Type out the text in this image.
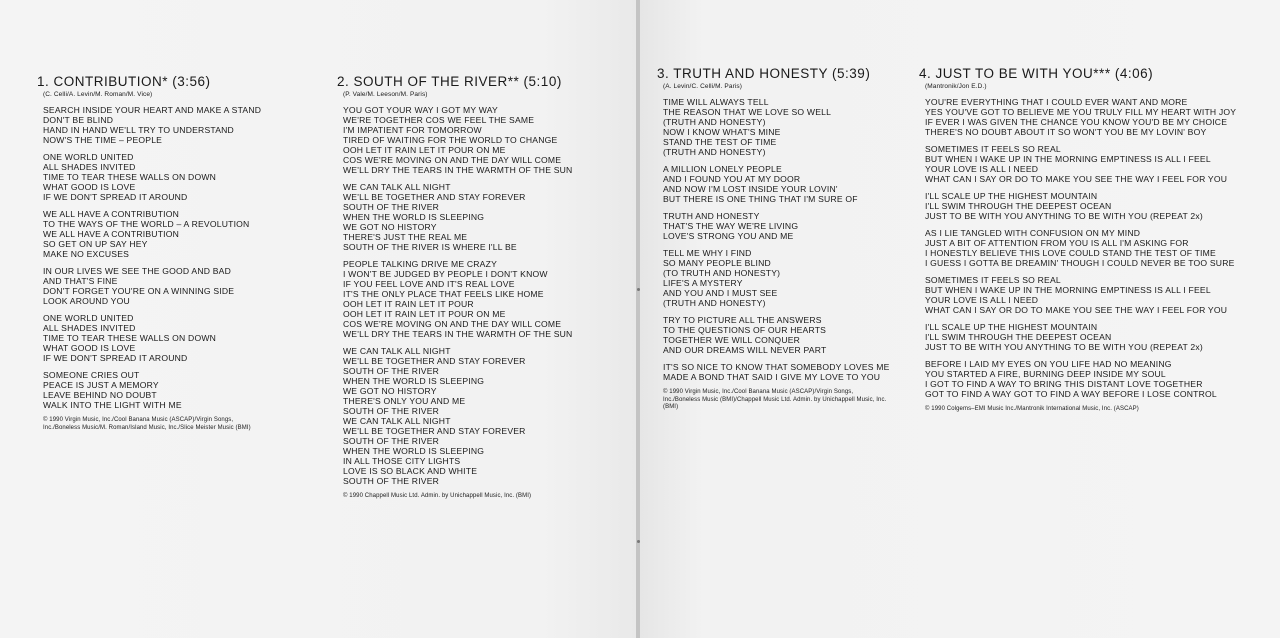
1. CONTRIBUTION* (3:56)
(C. Celli/A. Levin/M. Roman/M. Vice)
SEARCH INSIDE YOUR HEART AND MAKE A STAND
DON'T BE BLIND
HAND IN HAND WE'LL TRY TO UNDERSTAND
NOW'S THE TIME – PEOPLE
ONE WORLD UNITED
ALL SHADES INVITED
TIME TO TEAR THESE WALLS ON DOWN
WHAT GOOD IS LOVE
IF WE DON'T SPREAD IT AROUND
WE ALL HAVE A CONTRIBUTION
TO THE WAYS OF THE WORLD – A REVOLUTION
WE ALL HAVE A CONTRIBUTION
SO GET ON UP SAY HEY
MAKE NO EXCUSES
IN OUR LIVES WE SEE THE GOOD AND BAD
AND THAT'S FINE
DON'T FORGET YOU'RE ON A WINNING SIDE
LOOK AROUND YOU
ONE WORLD UNITED
ALL SHADES INVITED
TIME TO TEAR THESE WALLS ON DOWN
WHAT GOOD IS LOVE
IF WE DON'T SPREAD IT AROUND
SOMEONE CRIES OUT
PEACE IS JUST A MEMORY
LEAVE BEHIND NO DOUBT
WALK INTO THE LIGHT WITH ME
© 1990 Virgin Music, Inc./Cool Banana Music (ASCAP)/Virgin Songs,
Inc./Boneless Music/M. Roman/Island Music, Inc./Slice Meister Music (BMI)
2. SOUTH OF THE RIVER** (5:10)
(P. Vale/M. Leeson/M. Paris)
YOU GOT YOUR WAY I GOT MY WAY
WE'RE TOGETHER COS WE FEEL THE SAME
I'M IMPATIENT FOR TOMORROW
TIRED OF WAITING FOR THE WORLD TO CHANGE
OOH LET IT RAIN LET IT POUR ON ME
COS WE'RE MOVING ON AND THE DAY WILL COME
WE'LL DRY THE TEARS IN THE WARMTH OF THE SUN
WE CAN TALK ALL NIGHT
WE'LL BE TOGETHER AND STAY FOREVER
SOUTH OF THE RIVER
WHEN THE WORLD IS SLEEPING
WE GOT NO HISTORY
THERE'S JUST THE REAL ME
SOUTH OF THE RIVER IS WHERE I'LL BE
PEOPLE TALKING DRIVE ME CRAZY
I WON'T BE JUDGED BY PEOPLE I DON'T KNOW
IF YOU FEEL LOVE AND IT'S REAL LOVE
IT'S THE ONLY PLACE THAT FEELS LIKE HOME
OOH LET IT RAIN LET IT POUR
OOH LET IT RAIN LET IT POUR ON ME
COS WE'RE MOVING ON AND THE DAY WILL COME
WE'LL DRY THE TEARS IN THE WARMTH OF THE SUN
WE CAN TALK ALL NIGHT
WE'LL BE TOGETHER AND STAY FOREVER
SOUTH OF THE RIVER
WHEN THE WORLD IS SLEEPING
WE GOT NO HISTORY
THERE'S ONLY YOU AND ME
SOUTH OF THE RIVER
WE CAN TALK ALL NIGHT
WE'LL BE TOGETHER AND STAY FOREVER
SOUTH OF THE RIVER
WHEN THE WORLD IS SLEEPING
IN ALL THOSE CITY LIGHTS
LOVE IS SO BLACK AND WHITE
SOUTH OF THE RIVER
© 1990 Chappell Music Ltd. Admin. by Unichappell Music, Inc. (BMI)
3. TRUTH AND HONESTY (5:39)
(A. Levin/C. Celli/M. Paris)
TIME WILL ALWAYS TELL
THE REASON THAT WE LOVE SO WELL
(TRUTH AND HONESTY)
NOW I KNOW WHAT'S MINE
STAND THE TEST OF TIME
(TRUTH AND HONESTY)
A MILLION LONELY PEOPLE
AND I FOUND YOU AT MY DOOR
AND NOW I'M LOST INSIDE YOUR LOVIN'
BUT THERE IS ONE THING THAT I'M SURE OF
TRUTH AND HONESTY
THAT'S THE WAY WE'RE LIVING
LOVE'S STRONG YOU AND ME
TELL ME WHY I FIND
SO MANY PEOPLE BLIND
(TO TRUTH AND HONESTY)
LIFE'S A MYSTERY
AND YOU AND I MUST SEE
(TRUTH AND HONESTY)
TRY TO PICTURE ALL THE ANSWERS
TO THE QUESTIONS OF OUR HEARTS
TOGETHER WE WILL CONQUER
AND OUR DREAMS WILL NEVER PART
IT'S SO NICE TO KNOW THAT SOMEBODY LOVES ME
MADE A BOND THAT SAID I GIVE MY LOVE TO YOU
© 1990 Virgin Music, Inc./Cool Banana Music (ASCAP)/Virgin Songs,
Inc./Boneless Music (BMI)/Chappell Music Ltd. Admin. by Unichappell Music, Inc.
(BMI)
4. JUST TO BE WITH YOU*** (4:06)
(Mantronik/Jon E.D.)
YOU'RE EVERYTHING THAT I COULD EVER WANT AND MORE
YES YOU'VE GOT TO BELIEVE ME YOU TRULY FILL MY HEART WITH JOY
IF EVER I WAS GIVEN THE CHANCE YOU KNOW YOU'D BE MY CHOICE
THERE'S NO DOUBT ABOUT IT SO WON'T YOU BE MY LOVIN' BOY
SOMETIMES IT FEELS SO REAL
BUT WHEN I WAKE UP IN THE MORNING EMPTINESS IS ALL I FEEL
YOUR LOVE IS ALL I NEED
WHAT CAN I SAY OR DO TO MAKE YOU SEE THE WAY I FEEL FOR YOU
I'LL SCALE UP THE HIGHEST MOUNTAIN
I'LL SWIM THROUGH THE DEEPEST OCEAN
JUST TO BE WITH YOU ANYTHING TO BE WITH YOU (REPEAT 2x)
AS I LIE TANGLED WITH CONFUSION ON MY MIND
JUST A BIT OF ATTENTION FROM YOU IS ALL I'M ASKING FOR
I HONESTLY BELIEVE THIS LOVE COULD STAND THE TEST OF TIME
I GUESS I GOTTA BE DREAMIN' THOUGH I COULD NEVER BE TOO SURE
SOMETIMES IT FEELS SO REAL
BUT WHEN I WAKE UP IN THE MORNING EMPTINESS IS ALL I FEEL
YOUR LOVE IS ALL I NEED
WHAT CAN I SAY OR DO TO MAKE YOU SEE THE WAY I FEEL FOR YOU
I'LL SCALE UP THE HIGHEST MOUNTAIN
I'LL SWIM THROUGH THE DEEPEST OCEAN
JUST TO BE WITH YOU ANYTHING TO BE WITH YOU (REPEAT 2x)
BEFORE I LAID MY EYES ON YOU LIFE HAD NO MEANING
YOU STARTED A FIRE, BURNING DEEP INSIDE MY SOUL
I GOT TO FIND A WAY TO BRING THIS DISTANT LOVE TOGETHER
GOT TO FIND A WAY GOT TO FIND A WAY BEFORE I LOSE CONTROL
© 1990 Colgems–EMI Music Inc./Mantronik International Music, Inc. (ASCAP)
